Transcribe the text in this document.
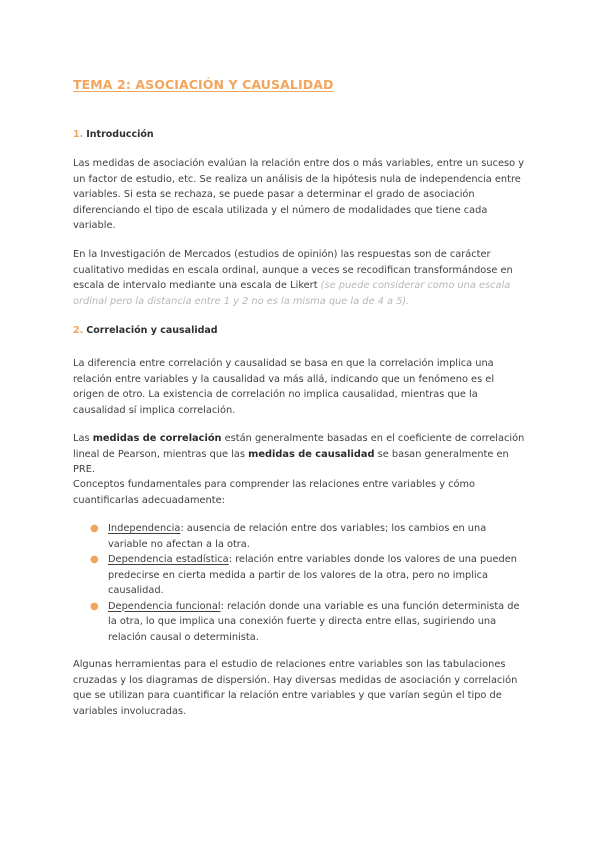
TEMA 2: ASOCIACIÓN Y CAUSALIDAD
1. Introducción

Las medidas de asociación evalúan la relación entre dos o más variables, entre un suceso y un factor de estudio, etc. Se realiza un análisis de la hipótesis nula de independencia entre variables. Si esta se rechaza, se puede pasar a determinar el grado de asociación diferenciando el tipo de escala utilizada y el número de modalidades que tiene cada variable.

En la Investigación de Mercados (estudios de opinión) las respuestas son de carácter cualitativo medidas en escala ordinal, aunque a veces se recodifican transformándose en escala de intervalo mediante una escala de Likert (se puede considerar como una escala ordinal pero la distancia entre 1 y 2 no es la misma que la de 4 a 5).

2. Correlación y causalidad

La diferencia entre correlación y causalidad se basa en que la correlación implica una relación entre variables y la causalidad va más allá, indicando que un fenómeno es el origen de otro. La existencia de correlación no implica causalidad, mientras que la causalidad sí implica correlación.

Las medidas de correlación están generalmente basadas en el coeficiente de correlación lineal de Pearson, mientras que las medidas de causalidad se basan generalmente en PRE.

Conceptos fundamentales para comprender las relaciones entre variables y cómo cuantificarlas adecuadamente:

● Independencia: ausencia de relación entre dos variables; los cambios en una variable no afectan a la otra.
● Dependencia estadística: relación entre variables donde los valores de una pueden predecirse en cierta medida a partir de los valores de la otra, pero no implica causalidad.
● Dependencia funcional: relación donde una variable es una función determinista de la otra, lo que implica una conexión fuerte y directa entre ellas, sugiriendo una relación causal o determinista.

Algunas herramientas para el estudio de relaciones entre variables son las tabulaciones cruzadas y los diagramas de dispersión. Hay diversas medidas de asociación y correlación que se utilizan para cuantificar la relación entre variables y que varían según el tipo de variables involucradas.
